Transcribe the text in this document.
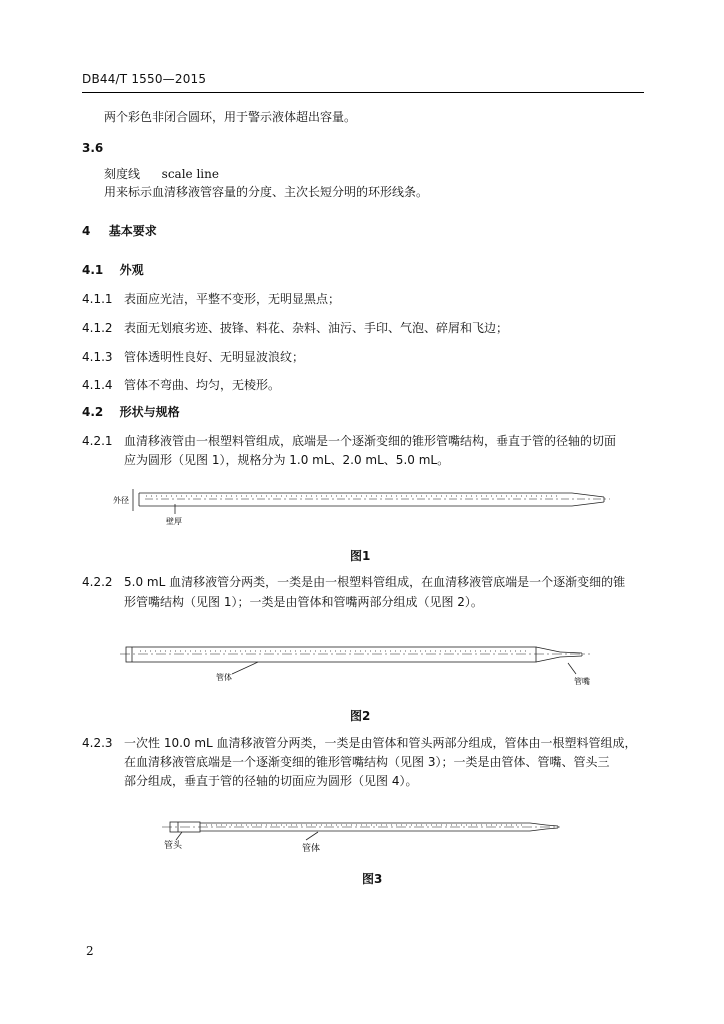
DB44/T 1550—2015
两个彩色非闭合圆环，用于警示液体超出容量。
3.6
刻度线 scale line
用来标示血清移液管容量的分度、主次长短分明的环形线条。
4 基本要求
4.1 外观
4.1.1 表面应光洁，平整不变形，无明显黑点；
4.1.2 表面无划痕劣迹、披锋、料花、杂料、油污、手印、气泡、碎屑和飞边；
4.1.3 管体透明性良好、无明显波浪纹；
4.1.4 管体不弯曲、均匀，无棱形。
4.2 形状与规格
4.2.1 血清移液管由一根塑料管组成，底端是一个逐渐变细的锥形管嘴结构，垂直于管的径轴的切面
应为圆形（见图 1），规格分为 1.0 mL、2.0 mL、5.0 mL。
外径
壁厚
图1
4.2.2 5.0 mL 血清移液管分两类，一类是由一根塑料管组成，在血清移液管底端是一个逐渐变细的锥
形管嘴结构（见图 1）；一类是由管体和管嘴两部分组成（见图 2）。
管体	管嘴
图2
4.2.3 一次性 10.0 mL 血清移液管分两类，一类是由管体和管头两部分组成，管体由一根塑料管组成，
在血清移液管底端是一个逐渐变细的锥形管嘴结构（见图 3）；一类是由管体、管嘴、管头三
部分组成，垂直于管的径轴的切面应为圆形（见图 4）。
管头	管体
图3
2
